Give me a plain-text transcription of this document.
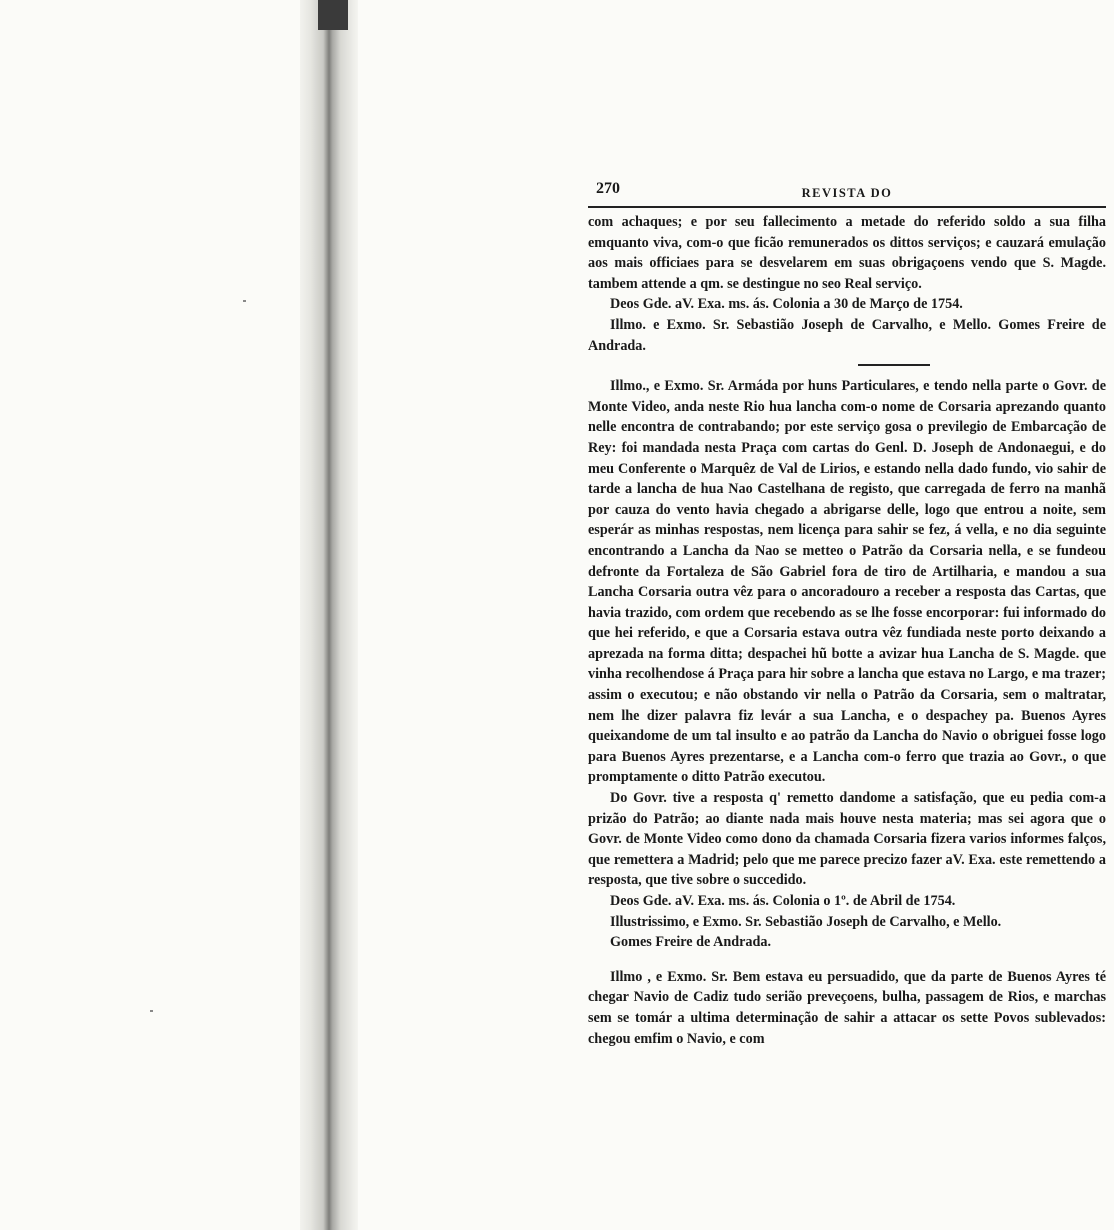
270	REVISTA DO

com achaques; e por seu fallecimento a metade do referido soldo a sua filha emquanto viva, com-o que ficão remunerados os dittos serviços; e cauzará emulação aos mais officiaes para se desvelarem em suas obrigaçoens vendo que S. Magde. tambem attende a qm. se destingue no seo Real serviço.

Deos Gde. aV. Exa. ms. ás. Colonia a 30 de Março de 1754.

Illmo. e Exmo. Sr. Sebastião Joseph de Carvalho, e Mello. Gomes Freire de Andrada.

Illmo., e Exmo. Sr. Armáda por huns Particulares, e tendo nella parte o Govr. de Monte Video, anda neste Rio hua lancha com-o nome de Corsaria aprezando quanto nelle encontra de contrabando; por este serviço gosa o previlegio de Embarcação de Rey: foi mandada nesta Praça com cartas do Genl. D. Joseph de Andonaegui, e do meu Conferente o Marquêz de Val de Lirios, e estando nella dado fundo, vio sahir de tarde a lancha de hua Nao Castelhana de registo, que carregada de ferro na manhã por cauza do vento havia chegado a abrigarse delle, logo que entrou a noite, sem esperár as minhas respostas, nem licença para sahir se fez, á vella, e no dia seguinte encontrando a Lancha da Nao se metteo o Patrão da Corsaria nella, e se fundeou defronte da Fortaleza de São Gabriel fora de tiro de Artilharia, e mandou a sua Lancha Corsaria outra vêz para o ancoradouro a receber a resposta das Cartas, que havia trazido, com ordem que recebendo as se lhe fosse encorporar: fui informado do que hei referido, e que a Corsaria estava outra vêz fundiada neste porto deixando a aprezada na forma ditta; despachei hũ botte a avizar hua Lancha de S. Magde. que vinha recolhendose á Praça para hir sobre a lancha que estava no Largo, e ma trazer; assim o executou; e não obstando vir nella o Patrão da Corsaria, sem o maltratar, nem lhe dizer palavra fiz levár a sua Lancha, e o despachey pa. Buenos Ayres queixandome de um tal insulto e ao patrão da Lancha do Navio o obriguei fosse logo para Buenos Ayres prezentarse, e a Lancha com-o ferro que trazia ao Govr., o que promptamente o ditto Patrão executou.

Do Govr. tive a resposta q' remetto dandome a satisfação, que eu pedia com-a prizão do Patrão; ao diante nada mais houve nesta materia; mas sei agora que o Govr. de Monte Video como dono da chamada Corsaria fizera varios informes falços, que remettera a Madrid; pelo que me parece precizo fazer aV. Exa. este remettendo a resposta, que tive sobre o succedido.

Deos Gde. aV. Exa. ms. ás. Colonia o 1º. de Abril de 1754.

Illustrissimo, e Exmo. Sr. Sebastião Joseph de Carvalho, e Mello.

Gomes Freire de Andrada.

Illmo , e Exmo. Sr. Bem estava eu persuadido, que da parte de Buenos Ayres té chegar Navio de Cadiz tudo serião preveçoens, bulha, passagem de Rios, e marchas sem se tomár a ultima determinação de sahir a attacar os sette Povos sublevados: chegou emfim o Navio, e com
